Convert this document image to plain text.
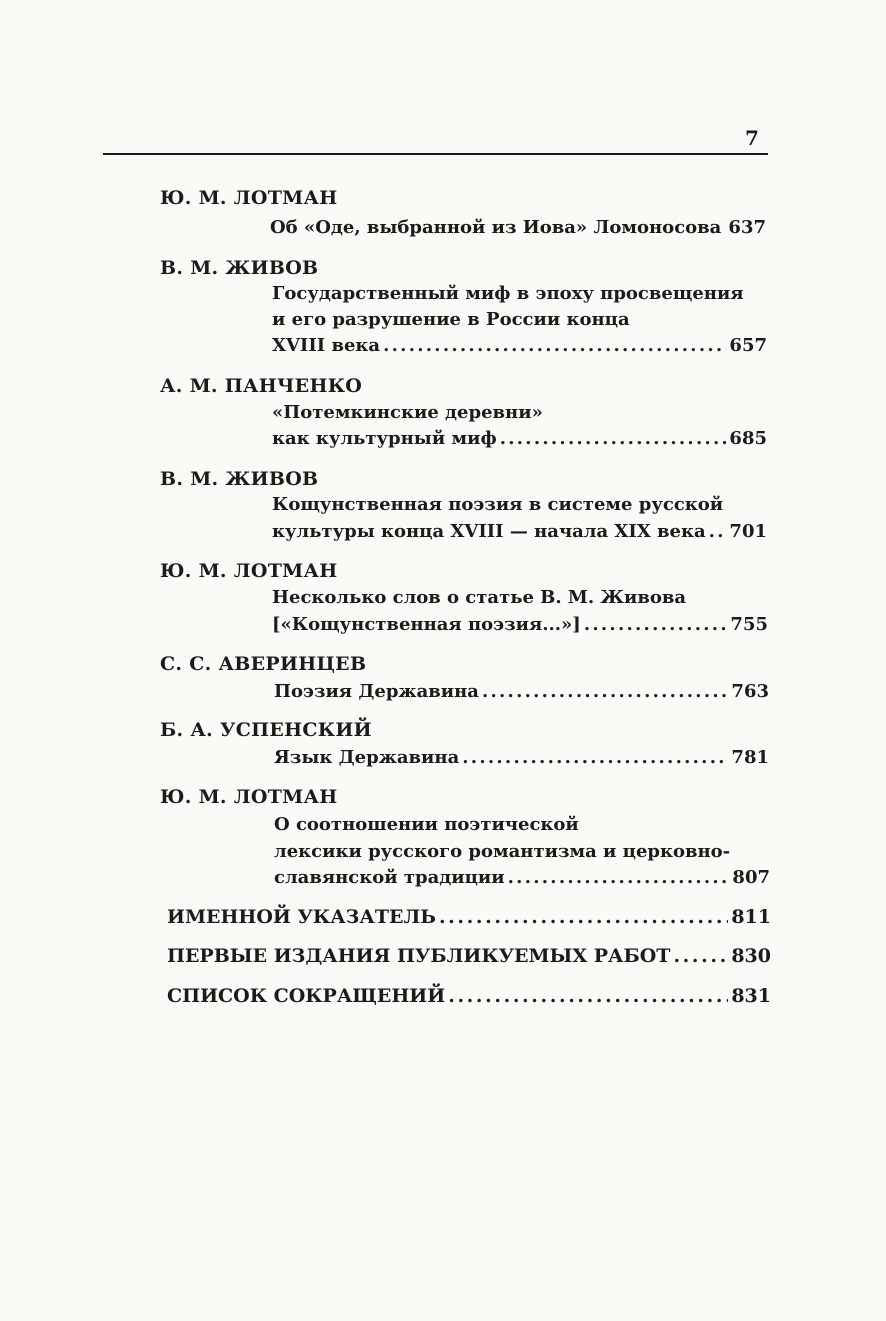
7
Ю. М. ЛОТМАН
Об «Оде, выбранной из Иова» Ломоносова . . . 637
В. М. ЖИВОВ
Государственный миф в эпоху просвещения
и его разрушение в России конца
XVIII века . . .	657
А. М. ПАНЧЕНКО
«Потемкинские деревни»
как культурный миф . . .	685
В. М. ЖИВОВ
Кощунственная поэзия в системе русской
культуры конца XVIII — начала XIX века . . . 701
Ю. М. ЛОТМАН
Несколько слов о статье В. М. Живова
[«Кощунственная поэзия...»] . . .	755
С. С. АВЕРИНЦЕВ
Поэзия Державина . . .	763
Б. А. УСПЕНСКИЙ
Язык Державина . . .	781
Ю. М. ЛОТМАН
О соотношении поэтической
лексики русского романтизма и церковно-
славянской традиции . . .	807
ИМЕННОЙ УКАЗАТЕЛЬ . . .	811
ПЕРВЫЕ ИЗДАНИЯ ПУБЛИКУЕМЫХ РАБОТ . . .	830
СПИСОК СОКРАЩЕНИЙ . . .	831
